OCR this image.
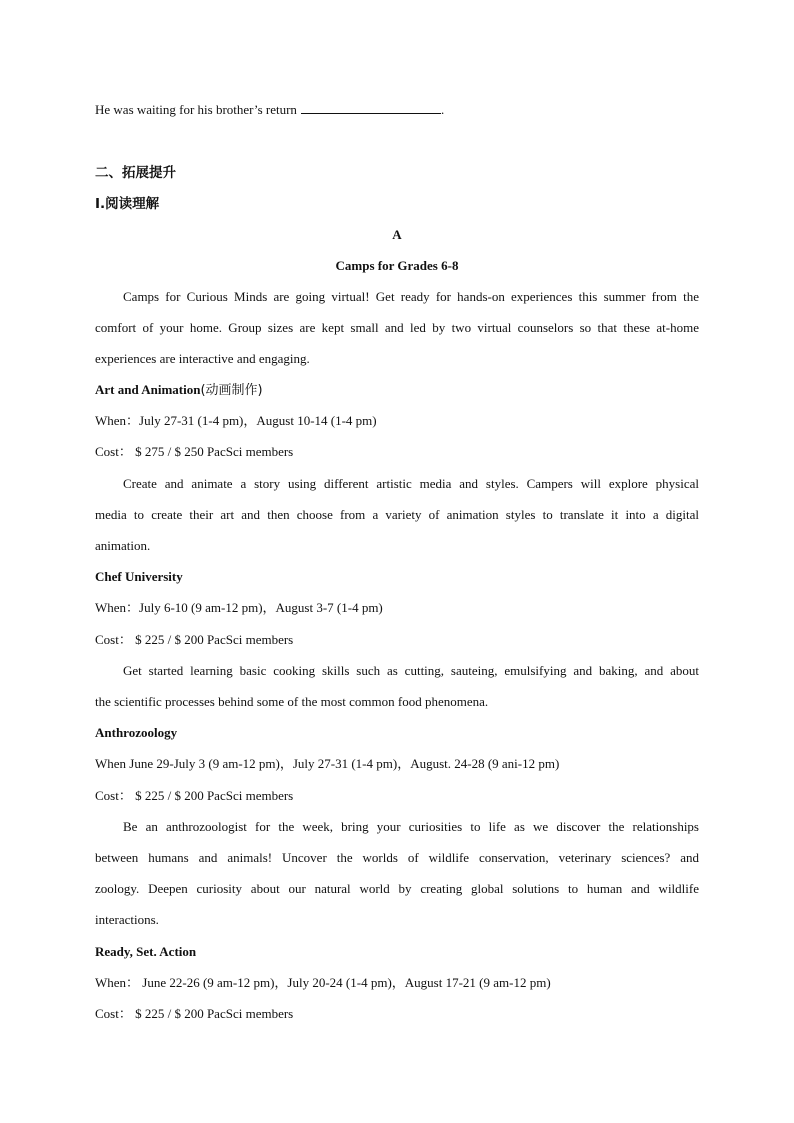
He was waiting for his brother’s return	.
二、拓展提升
I.阅读理解
A
Camps for Grades 6-8
Camps for Curious Minds are going virtual! Get ready for hands-on experiences this summer from the
comfort of your home. Group sizes are kept small and led by two virtual counselors so that these at-home
experiences are interactive and engaging.
Art and Animation(动画制作)
When：July 27-31 (1-4 pm)，August 10-14 (1-4 pm)
Cost： $ 275 / $ 250 PacSci members
Create and animate a story using different artistic media and styles. Campers will explore physical
media to create their art and then choose from a variety of animation styles to translate it into a digital
animation.
Chef University
When：July 6-10 (9 am-12 pm)，August 3-7 (1-4 pm)
Cost： $ 225 / $ 200 PacSci members
Get started learning basic cooking skills such as cutting, sauteing, emulsifying and baking, and about
the scientific processes behind some of the most common food phenomena.
Anthrozoology
When June 29-July 3 (9 am-12 pm)，July 27-31 (1-4 pm)，August. 24-28 (9 ani-12 pm)
Cost： $ 225 / $ 200 PacSci members
Be an anthrozoologist for the week, bring your curiosities to life as we discover the relationships
between humans and animals! Uncover the worlds of wildlife conservation, veterinary sciences? and
zoology. Deepen curiosity about our natural world by creating global solutions to human and wildlife
interactions.
Ready, Set. Action
When： June 22-26 (9 am-12 pm)，July 20-24 (1-4 pm)，August 17-21 (9 am-12 pm)
Cost： $ 225 / $ 200 PacSci members
